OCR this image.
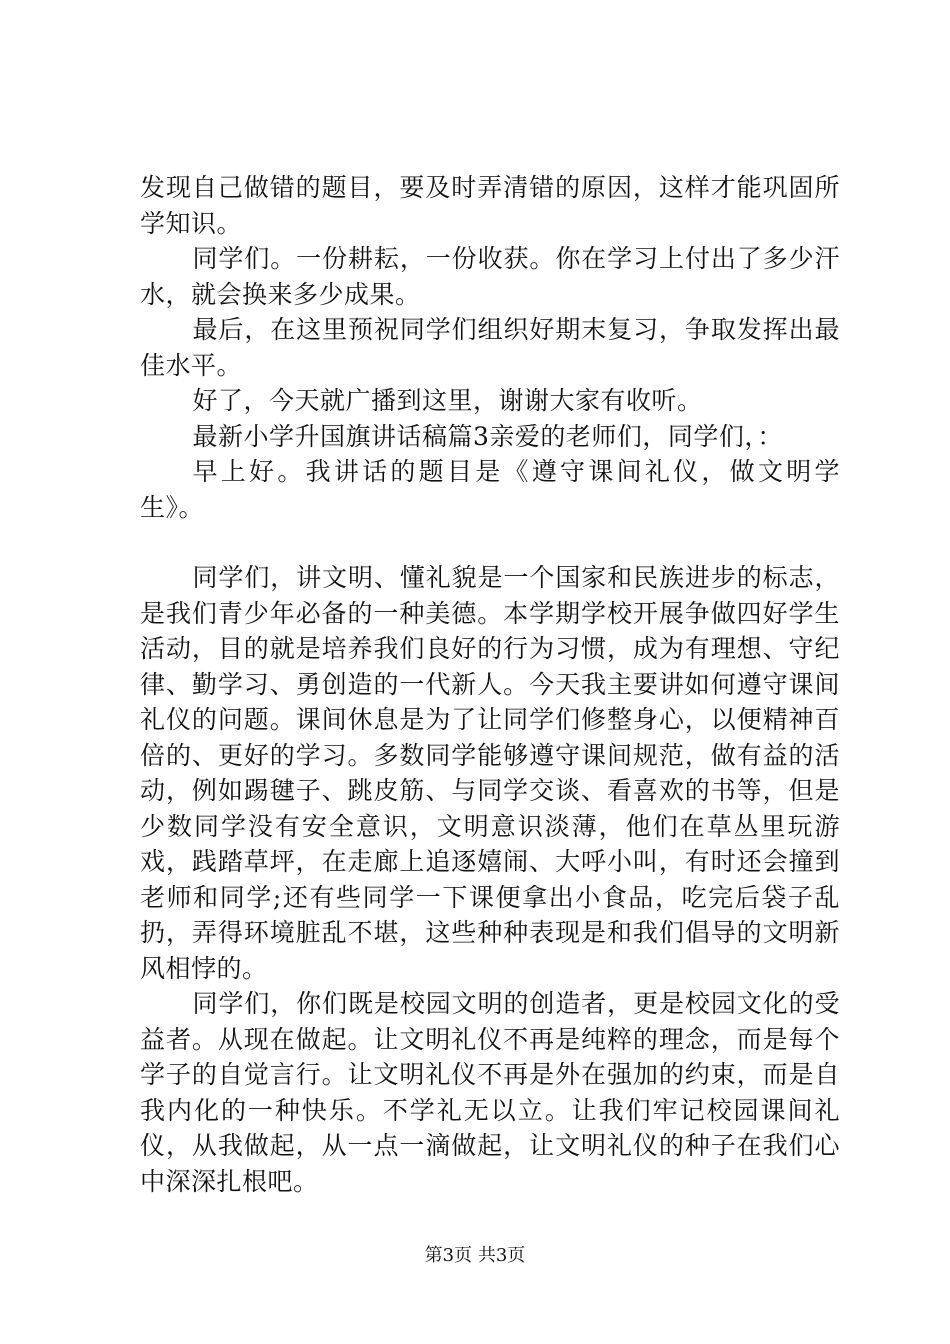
发现自己做错的题目，要及时弄清错的原因，这样才能巩固所学知识。

同学们。一份耕耘，一份收获。你在学习上付出了多少汗水，就会换来多少成果。

最后，在这里预祝同学们组织好期末复习，争取发挥出最佳水平。

好了，今天就广播到这里，谢谢大家有收听。

最新小学升国旗讲话稿篇3亲爱的老师们，同学们，：

早上好。我讲话的题目是《遵守课间礼仪，做文明学生》。

同学们，讲文明、懂礼貌是一个国家和民族进步的标志，是我们青少年必备的一种美德。本学期学校开展争做四好学生活动，目的就是培养我们良好的行为习惯，成为有理想、守纪律、勤学习、勇创造的一代新人。今天我主要讲如何遵守课间礼仪的问题。课间休息是为了让同学们修整身心，以便精神百倍的、更好的学习。多数同学能够遵守课间规范，做有益的活动，例如踢毽子、跳皮筋、与同学交谈、看喜欢的书等，但是少数同学没有安全意识，文明意识淡薄，他们在草丛里玩游戏，践踏草坪，在走廊上追逐嬉闹、大呼小叫，有时还会撞到老师和同学;还有些同学一下课便拿出小食品，吃完后袋子乱扔，弄得环境脏乱不堪，这些种种表现是和我们倡导的文明新风相悖的。

同学们，你们既是校园文明的创造者，更是校园文化的受益者。从现在做起。让文明礼仪不再是纯粹的理念，而是每个学子的自觉言行。让文明礼仪不再是外在强加的约束，而是自我内化的一种快乐。不学礼无以立。让我们牢记校园课间礼仪，从我做起，从一点一滴做起，让文明礼仪的种子在我们心中深深扎根吧。

第3页 共3页
